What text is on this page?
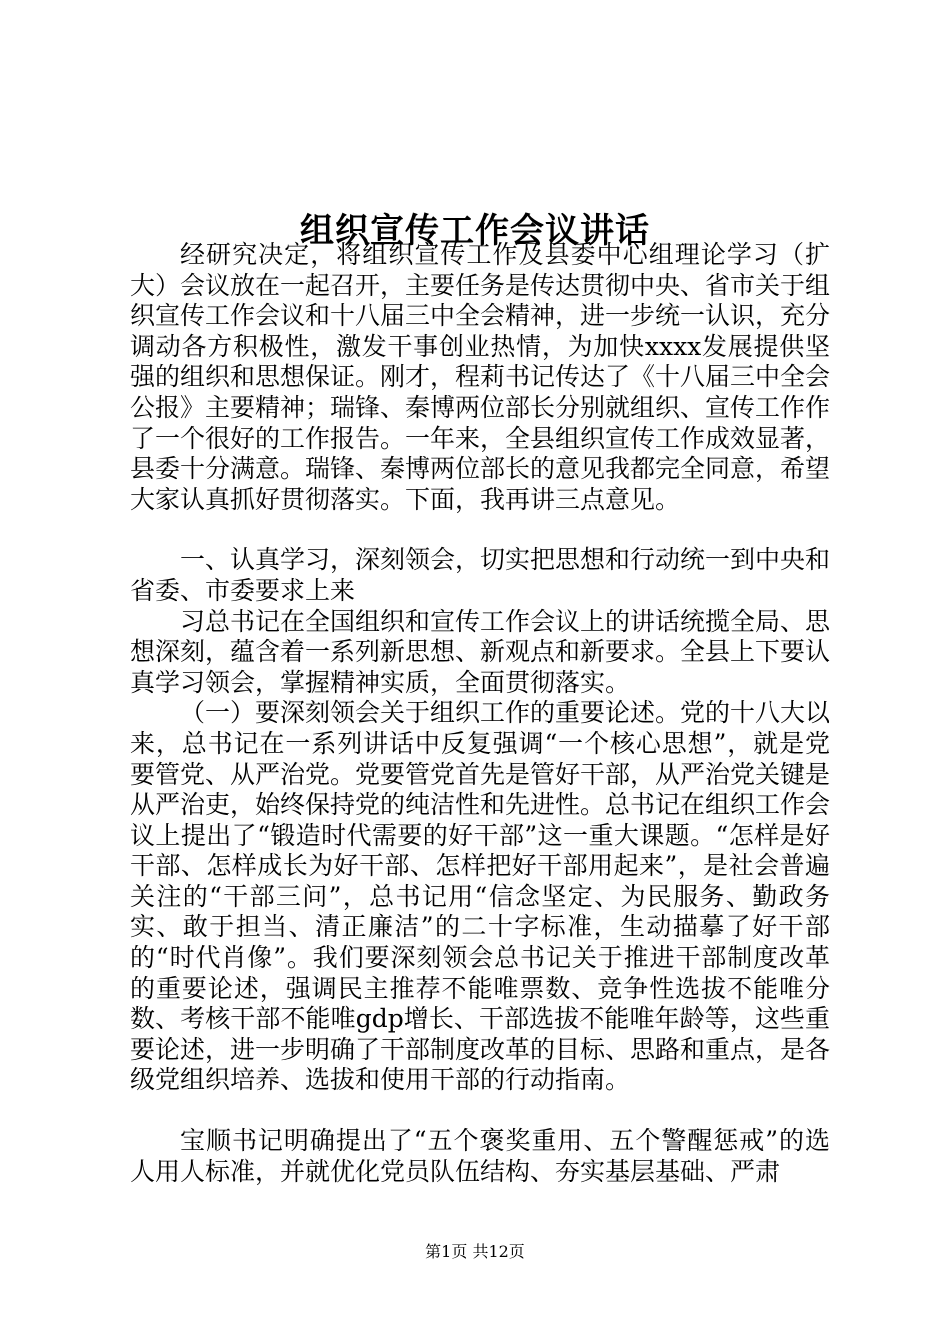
组织宣传工作会议讲话

经研究决定，将组织宣传工作及县委中心组理论学习（扩大）会议放在一起召开，主要任务是传达贯彻中央、省市关于组织宣传工作会议和十八届三中全会精神，进一步统一认识，充分调动各方积极性，激发干事创业热情，为加快xxxx发展提供坚强的组织和思想保证。刚才，程莉书记传达了《十八届三中全会公报》主要精神；瑞锋、秦博两位部长分别就组织、宣传工作作了一个很好的工作报告。一年来，全县组织宣传工作成效显著，县委十分满意。瑞锋、秦博两位部长的意见我都完全同意，希望大家认真抓好贯彻落实。下面，我再讲三点意见。

一、认真学习，深刻领会，切实把思想和行动统一到中央和省委、市委要求上来

习总书记在全国组织和宣传工作会议上的讲话统揽全局、思想深刻，蕴含着一系列新思想、新观点和新要求。全县上下要认真学习领会，掌握精神实质，全面贯彻落实。

（一）要深刻领会关于组织工作的重要论述。党的十八大以来，总书记在一系列讲话中反复强调“一个核心思想”，就是党要管党、从严治党。党要管党首先是管好干部，从严治党关键是从严治吏，始终保持党的纯洁性和先进性。总书记在组织工作会议上提出了“锻造时代需要的好干部”这一重大课题。“怎样是好干部、怎样成长为好干部、怎样把好干部用起来”，是社会普遍关注的“干部三问”，总书记用“信念坚定、为民服务、勤政务实、敢于担当、清正廉洁”的二十字标准，生动描摹了好干部的“时代肖像”。我们要深刻领会总书记关于推进干部制度改革的重要论述，强调民主推荐不能唯票数、竞争性选拔不能唯分数、考核干部不能唯gdp增长、干部选拔不能唯年龄等，这些重要论述，进一步明确了干部制度改革的目标、思路和重点，是各级党组织培养、选拔和使用干部的行动指南。

宝顺书记明确提出了“五个褒奖重用、五个警醒惩戒”的选人用人标准，并就优化党员队伍结构、夯实基层基础、严肃

第1页 共12页
